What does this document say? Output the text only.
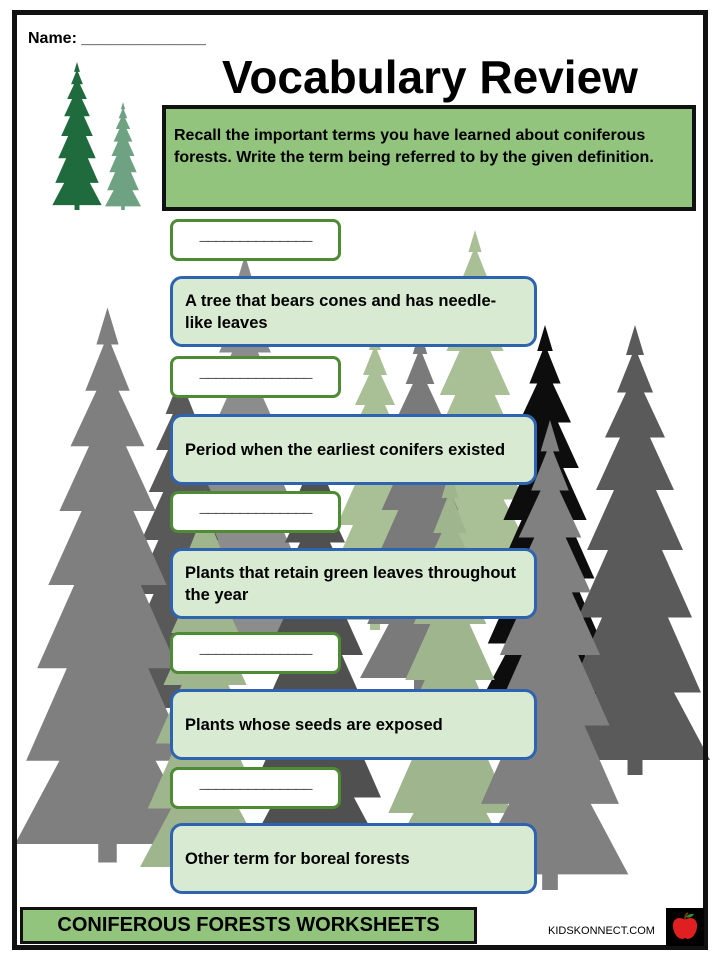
Name: ______________
Vocabulary Review
Recall the important terms you have learned about coniferous forests. Write the term being referred to by the given definition.
______________
A tree that bears cones and has needle-like leaves
______________
Period when the earliest conifers existed
______________
Plants that retain green leaves throughout the year
______________
Plants whose seeds are exposed
______________
Other term for boreal forests
CONIFEROUS FORESTS WORKSHEETS	KIDSKONNECT.COM
